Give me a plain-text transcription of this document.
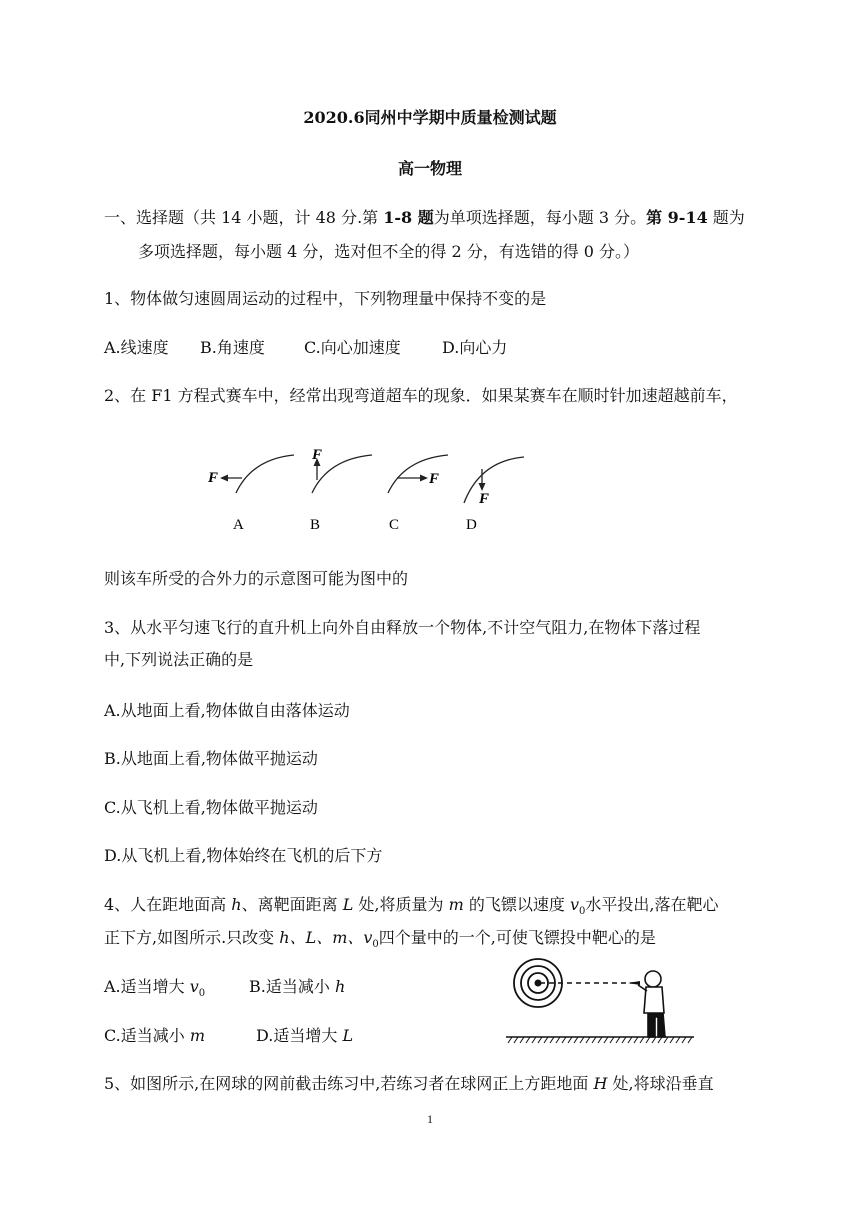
2020.6同州中学期中质量检测试题
高一物理
一、选择题（共 14 小题，计 48 分.第 1-8 题为单项选择题，每小题 3 分。第 9-14 题为
多项选择题，每小题 4 分，选对但不全的得 2 分，有选错的得 0 分。）
1、物体做匀速圆周运动的过程中，下列物理量中保持不变的是
A.线速度 B.角速度 C.向心加速度	D.向心力
2、在 F1 方程式赛车中，经常出现弯道超车的现象．如果某赛车在顺时针加速超越前车，
F
F
F
F
A	B	C	D
则该车所受的合外力的示意图可能为图中的
3、从水平匀速飞行的直升机上向外自由释放一个物体,不计空气阻力,在物体下落过程
中,下列说法正确的是
A.从地面上看,物体做自由落体运动
B.从地面上看,物体做平抛运动
C.从飞机上看,物体做平抛运动
D.从飞机上看,物体始终在飞机的后下方
4、人在距地面高 h、离靶面距离 L 处,将质量为 m 的飞镖以速度 $v_0$水平投出,落在靶心
正下方,如图所示.只改变 h、L、m、$v_0$四个量中的一个,可使飞镖投中靶心的是
A.适当增大 $v_0$	B.适当减小 h
C.适当减小 m	D.适当增大 L
5、如图所示,在网球的网前截击练习中,若练习者在球网正上方距地面 H 处,将球沿垂直
1
